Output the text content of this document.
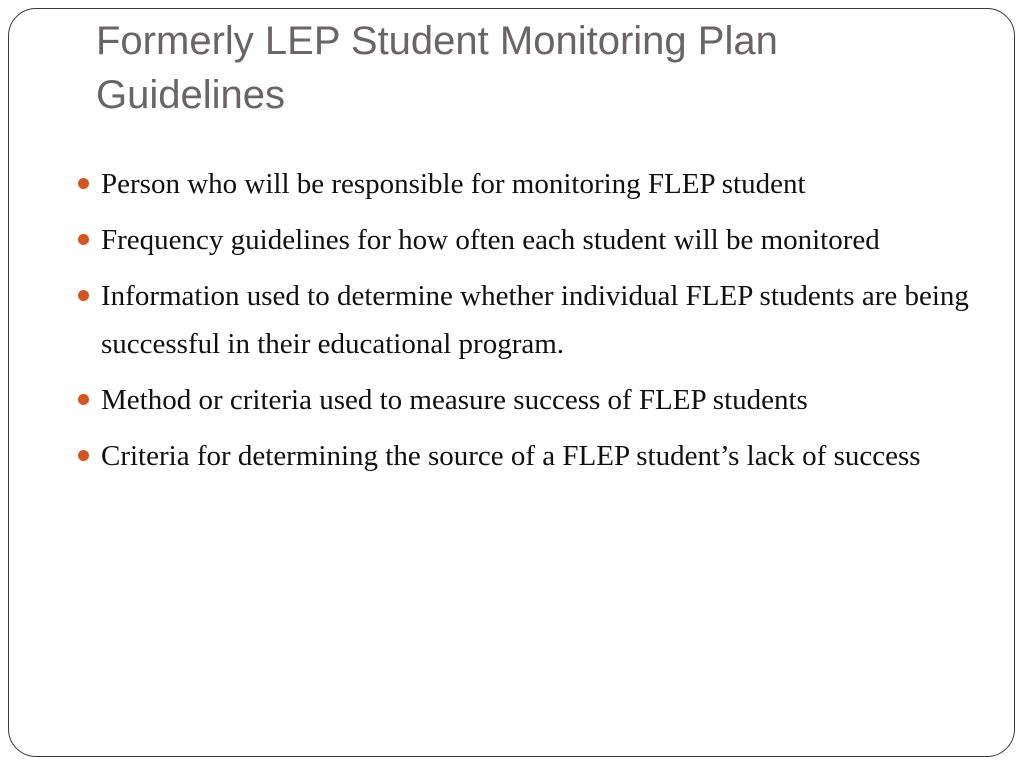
Formerly LEP Student Monitoring Plan Guidelines
Person who will be responsible for monitoring FLEP student
Frequency guidelines for how often each student will be monitored
Information used to determine whether individual FLEP students are being successful in their educational program.
Method or criteria used to measure success of FLEP students
Criteria for determining the source of a FLEP student’s lack of success
